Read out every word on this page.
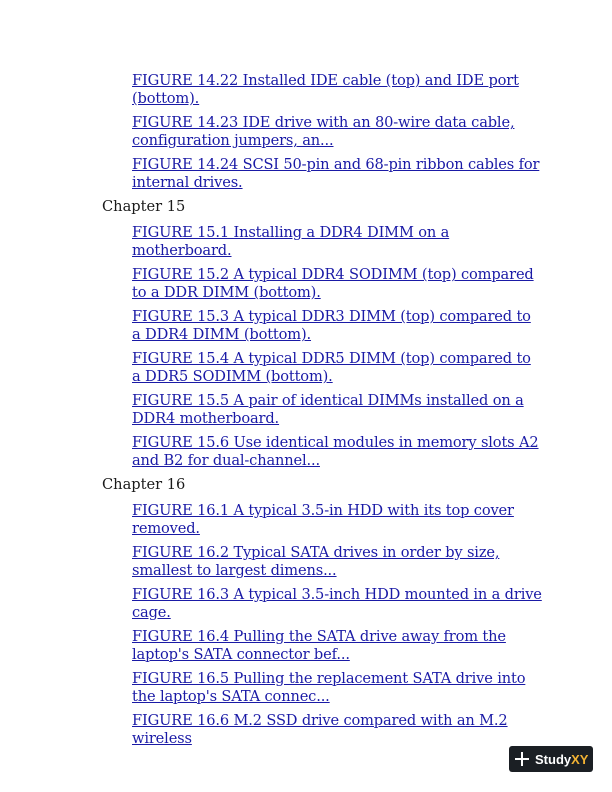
FIGURE 14.22 Installed IDE cable (top) and IDE port (bottom).
FIGURE 14.23 IDE drive with an 80-wire data cable, configuration jumpers, an...
FIGURE 14.24 SCSI 50-pin and 68-pin ribbon cables for internal drives.
Chapter 15
FIGURE 15.1 Installing a DDR4 DIMM on a motherboard.
FIGURE 15.2 A typical DDR4 SODIMM (top) compared to a DDR DIMM (bottom).
FIGURE 15.3 A typical DDR3 DIMM (top) compared to a DDR4 DIMM (bottom).
FIGURE 15.4 A typical DDR5 DIMM (top) compared to a DDR5 SODIMM (bottom).
FIGURE 15.5 A pair of identical DIMMs installed on a DDR4 motherboard.
FIGURE 15.6 Use identical modules in memory slots A2 and B2 for dual-channel...
Chapter 16
FIGURE 16.1 A typical 3.5-in HDD with its top cover removed.
FIGURE 16.2 Typical SATA drives in order by size, smallest to largest dimens...
FIGURE 16.3 A typical 3.5-inch HDD mounted in a drive cage.
FIGURE 16.4 Pulling the SATA drive away from the laptop's SATA connector bef...
FIGURE 16.5 Pulling the replacement SATA drive into the laptop's SATA connec...
FIGURE 16.6 M.2 SSD drive compared with an M.2 wireless
Study XY
